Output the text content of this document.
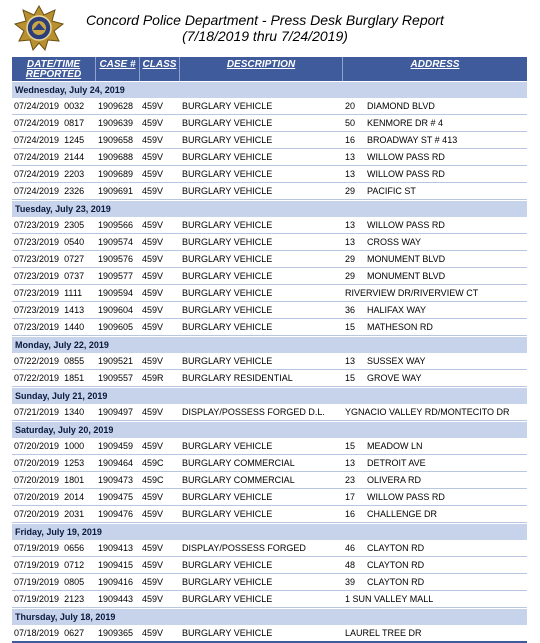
Concord Police Department - Press Desk Burglary Report
(7/18/2019 thru 7/24/2019)
DATE/TIME REPORTED	CASE #	CLASS	DESCRIPTION	ADDRESS
Wednesday, July 24, 2019				
07/24/2019 0032	1909628	459V	BURGLARY VEHICLE	20 DIAMOND BLVD
07/24/2019 0817	1909639	459V	BURGLARY VEHICLE	50 KENMORE DR # 4
07/24/2019 1245	1909658	459V	BURGLARY VEHICLE	16 BROADWAY ST # 413
07/24/2019 2144	1909688	459V	BURGLARY VEHICLE	13 WILLOW PASS RD
07/24/2019 2203	1909689	459V	BURGLARY VEHICLE	13 WILLOW PASS RD
07/24/2019 2326	1909691	459V	BURGLARY VEHICLE	29 PACIFIC ST
Tuesday, July 23, 2019				
07/23/2019 2305	1909566	459V	BURGLARY VEHICLE	13 WILLOW PASS RD
07/23/2019 0540	1909574	459V	BURGLARY VEHICLE	13 CROSS WAY
07/23/2019 0727	1909576	459V	BURGLARY VEHICLE	29 MONUMENT BLVD
07/23/2019 0737	1909577	459V	BURGLARY VEHICLE	29 MONUMENT BLVD
07/23/2019 1111	1909594	459V	BURGLARY VEHICLE	RIVERVIEW DR/RIVERVIEW CT
07/23/2019 1413	1909604	459V	BURGLARY VEHICLE	36 HALIFAX WAY
07/23/2019 1440	1909605	459V	BURGLARY VEHICLE	15 MATHESON RD
Monday, July 22, 2019				
07/22/2019 0855	1909521	459V	BURGLARY VEHICLE	13 SUSSEX WAY
07/22/2019 1851	1909557	459R	BURGLARY RESIDENTIAL	15 GROVE WAY
Sunday, July 21, 2019				
07/21/2019 1340	1909497	459V	DISPLAY/POSSESS FORGED D.L.	YGNACIO VALLEY RD/MONTECITO DR
Saturday, July 20, 2019				
07/20/2019 1000	1909459	459V	BURGLARY VEHICLE	15 MEADOW LN
07/20/2019 1253	1909464	459C	BURGLARY COMMERCIAL	13 DETROIT AVE
07/20/2019 1801	1909473	459C	BURGLARY COMMERCIAL	23 OLIVERA RD
07/20/2019 2014	1909475	459V	BURGLARY VEHICLE	17 WILLOW PASS RD
07/20/2019 2031	1909476	459V	BURGLARY VEHICLE	16 CHALLENGE DR
Friday, July 19, 2019				
07/19/2019 0656	1909413	459V	DISPLAY/POSSESS FORGED	46 CLAYTON RD
07/19/2019 0712	1909415	459V	BURGLARY VEHICLE	48 CLAYTON RD
07/19/2019 0805	1909416	459V	BURGLARY VEHICLE	39 CLAYTON RD
07/19/2019 2123	1909443	459V	BURGLARY VEHICLE	1 SUN VALLEY MALL
Thursday, July 18, 2019				
07/18/2019 0627	1909365	459V	BURGLARY VEHICLE	LAUREL TREE DR
